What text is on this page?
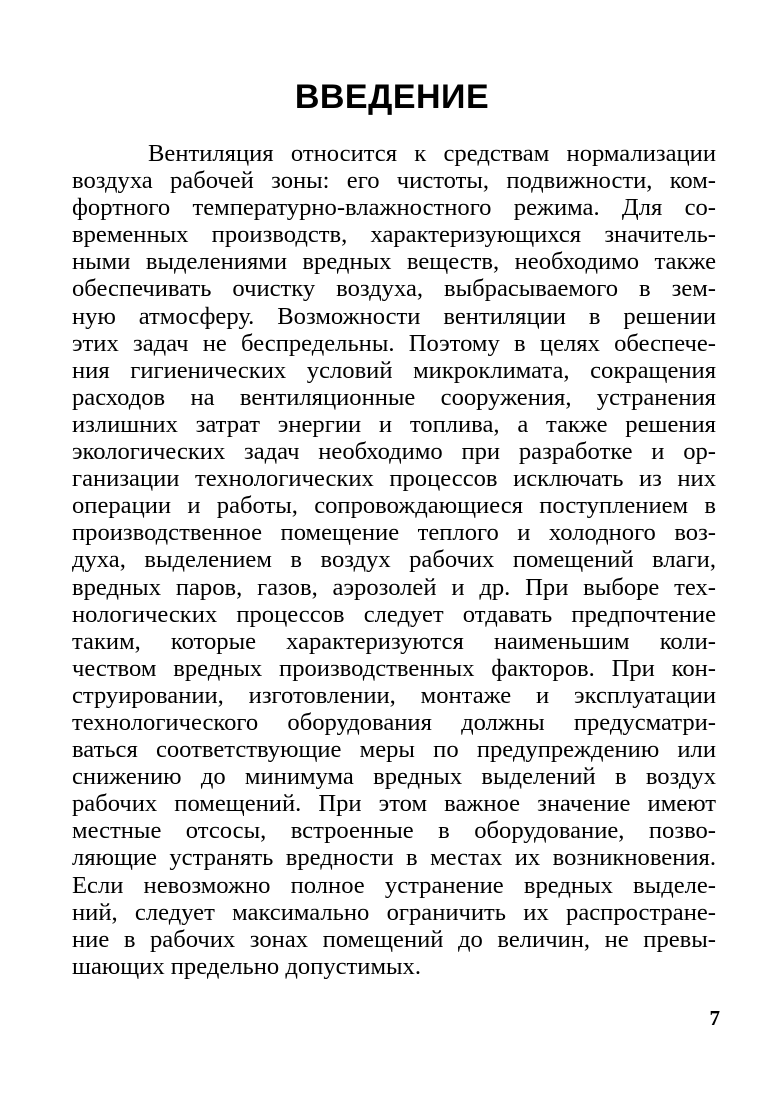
ВВЕДЕНИЕ
Вентиляция относится к средствам нормализации
воздуха рабочей зоны: его чистоты, подвижности, ком-
фортного температурно-влажностного режима. Для со-
временных производств, характеризующихся значитель-
ными выделениями вредных веществ, необходимо также
обеспечивать очистку воздуха, выбрасываемого в зем-
ную атмосферу. Возможности вентиляции в решении
этих задач не беспредельны. Поэтому в целях обеспече-
ния гигиенических условий микроклимата, сокращения
расходов на вентиляционные сооружения, устранения
излишних затрат энергии и топлива, а также решения
экологических задач необходимо при разработке и ор-
ганизации технологических процессов исключать из них
операции и работы, сопровождающиеся поступлением в
производственное помещение теплого и холодного воз-
духа, выделением в воздух рабочих помещений влаги,
вредных паров, газов, аэрозолей и др. При выборе тех-
нологических процессов следует отдавать предпочтение
таким, которые характеризуются наименьшим коли-
чеством вредных производственных факторов. При кон-
струировании, изготовлении, монтаже и эксплуатации
технологического оборудования должны предусматри-
ваться соответствующие меры по предупреждению или
снижению до минимума вредных выделений в воздух
рабочих помещений. При этом важное значение имеют
местные отсосы, встроенные в оборудование, позво-
ляющие устранять вредности в местах их возникновения.
Если невозможно полное устранение вредных выделе-
ний, следует максимально ограничить их распростране-
ние в рабочих зонах помещений до величин, не превы-
шающих предельно допустимых.
7
